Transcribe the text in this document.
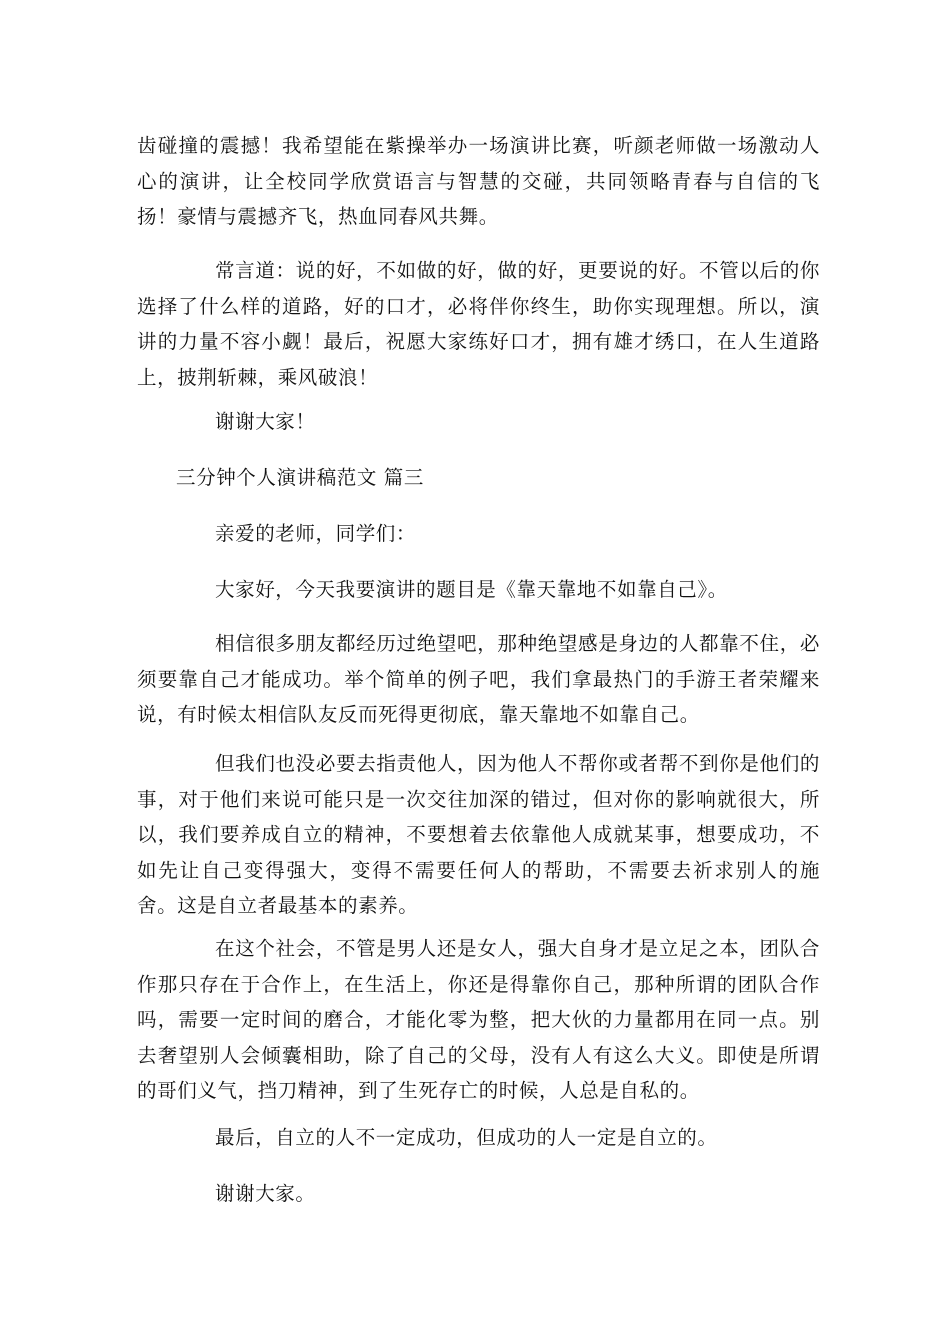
齿碰撞的震撼！我希望能在紫操举办一场演讲比赛，听颜老师做一场激动人心的演讲，让全校同学欣赏语言与智慧的交碰，共同领略青春与自信的飞扬！豪情与震撼齐飞，热血同春风共舞。

常言道：说的好，不如做的好，做的好，更要说的好。不管以后的你选择了什么样的道路，好的口才，必将伴你终生，助你实现理想。所以，演讲的力量不容小觑！最后，祝愿大家练好口才，拥有雄才绣口，在人生道路上，披荆斩棘，乘风破浪！

谢谢大家！

三分钟个人演讲稿范文 篇三

亲爱的老师，同学们：

大家好，今天我要演讲的题目是《靠天靠地不如靠自己》。

相信很多朋友都经历过绝望吧，那种绝望感是身边的人都靠不住，必须要靠自己才能成功。举个简单的例子吧，我们拿最热门的手游王者荣耀来说，有时候太相信队友反而死得更彻底，靠天靠地不如靠自己。

但我们也没必要去指责他人，因为他人不帮你或者帮不到你是他们的事，对于他们来说可能只是一次交往加深的错过，但对你的影响就很大，所以，我们要养成自立的精神，不要想着去依靠他人成就某事，想要成功，不如先让自己变得强大，变得不需要任何人的帮助，不需要去祈求别人的施舍。这是自立者最基本的素养。

在这个社会，不管是男人还是女人，强大自身才是立足之本，团队合作那只存在于合作上，在生活上，你还是得靠你自己，那种所谓的团队合作吗，需要一定时间的磨合，才能化零为整，把大伙的力量都用在同一点。别去奢望别人会倾囊相助，除了自己的父母，没有人有这么大义。即使是所谓的哥们义气，挡刀精神，到了生死存亡的时候，人总是自私的。

最后，自立的人不一定成功，但成功的人一定是自立的。

谢谢大家。
